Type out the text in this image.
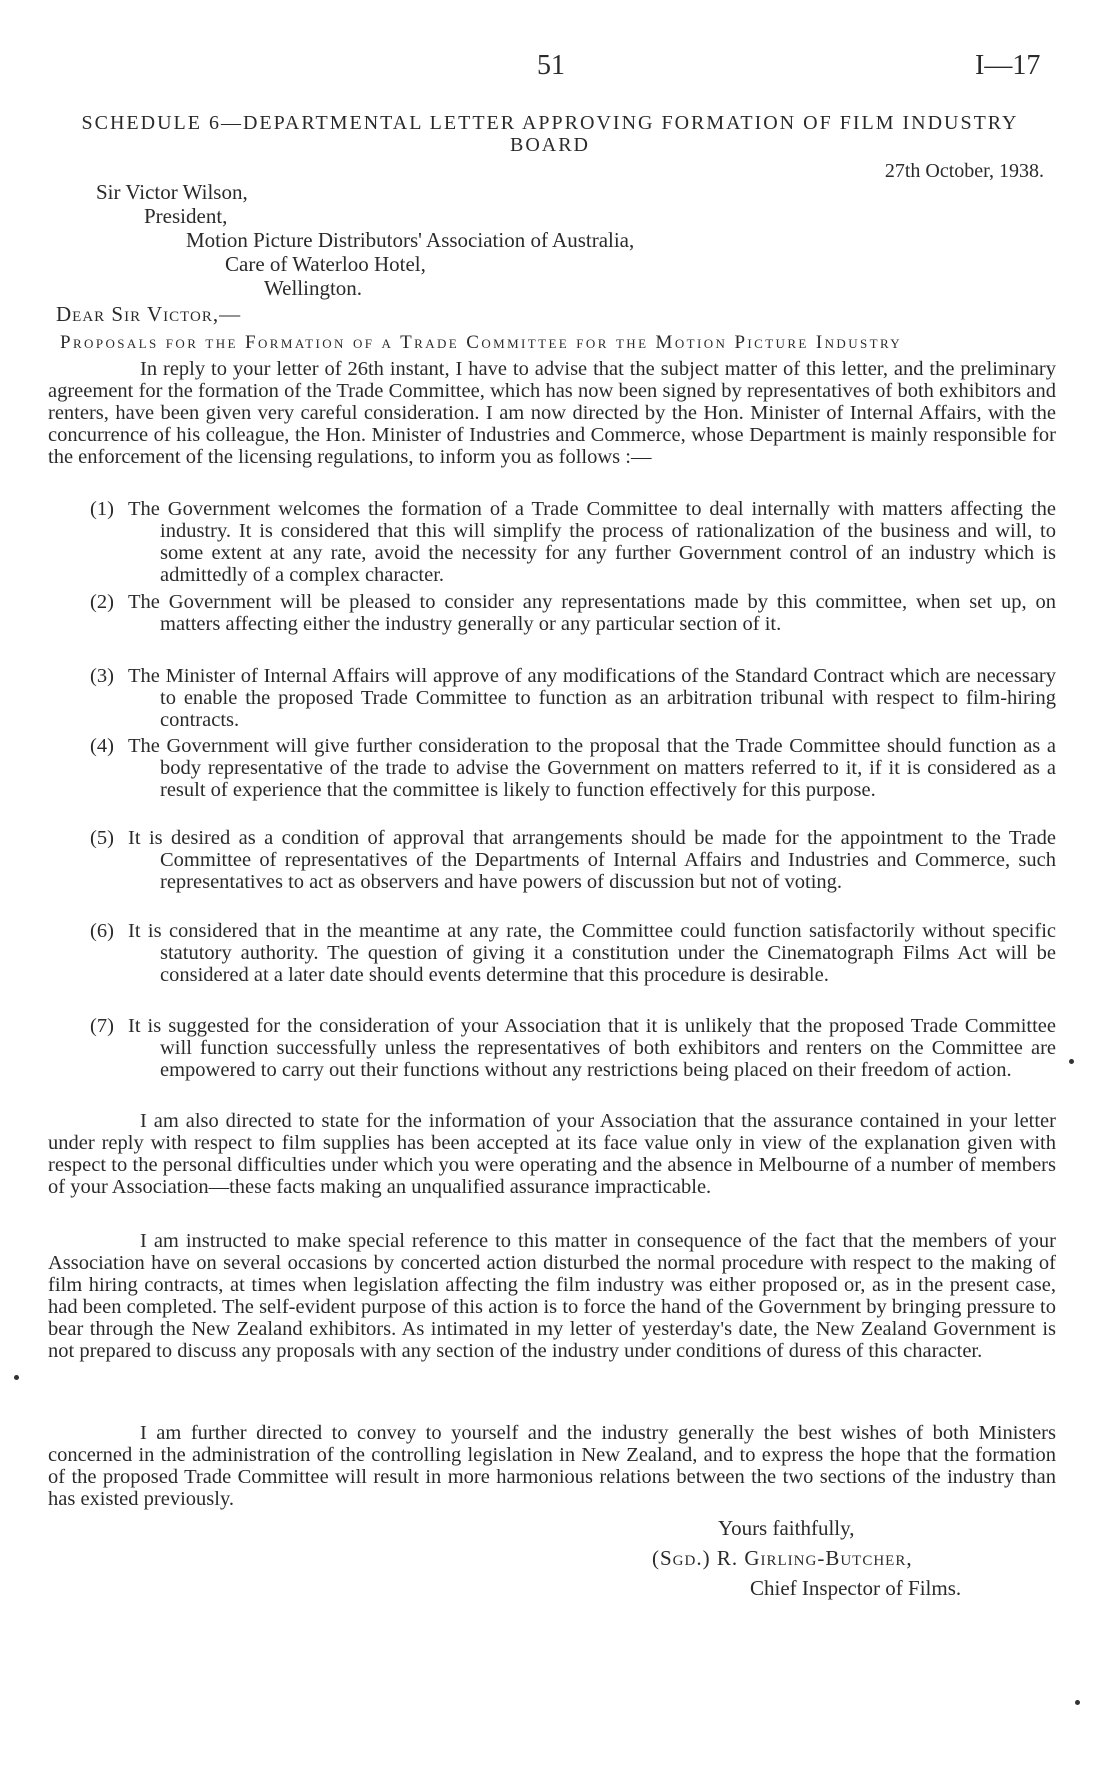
51	I—17
SCHEDULE 6—DEPARTMENTAL LETTER APPROVING FORMATION OF FILM INDUSTRY BOARD
27th October, 1938.
Sir Victor Wilson,
President,
Motion Picture Distributors' Association of Australia,
Care of Waterloo Hotel,
Wellington.
Dear Sir Victor,—
Proposals for the Formation of a Trade Committee for the Motion Picture Industry

In reply to your letter of 26th instant, I have to advise that the subject matter of this letter, and the preliminary agreement for the formation of the Trade Committee, which has now been signed by representatives of both exhibitors and renters, have been given very careful consideration. I am now directed by the Hon. Minister of Internal Affairs, with the concurrence of his colleague, the Hon. Minister of Industries and Commerce, whose Department is mainly responsible for the enforcement of the licensing regulations, to inform you as follows :—

(1) The Government welcomes the formation of a Trade Committee to deal internally with matters affecting the industry. It is considered that this will simplify the process of rationalization of the business and will, to some extent at any rate, avoid the necessity for any further Government control of an industry which is admittedly of a complex character.
(2) The Government will be pleased to consider any representations made by this committee, when set up, on matters affecting either the industry generally or any particular section of it.
(3) The Minister of Internal Affairs will approve of any modifications of the Standard Contract which are necessary to enable the proposed Trade Committee to function as an arbitration tribunal with respect to film-hiring contracts.
(4) The Government will give further consideration to the proposal that the Trade Committee should function as a body representative of the trade to advise the Government on matters referred to it, if it is considered as a result of experience that the committee is likely to function effectively for this purpose.
(5) It is desired as a condition of approval that arrangements should be made for the appointment to the Trade Committee of representatives of the Departments of Internal Affairs and Industries and Commerce, such representatives to act as observers and have powers of discussion but not of voting.
(6) It is considered that in the meantime at any rate, the Committee could function satisfactorily without specific statutory authority. The question of giving it a constitution under the Cinematograph Films Act will be considered at a later date should events determine that this procedure is desirable.
(7) It is suggested for the consideration of your Association that it is unlikely that the proposed Trade Committee will function successfully unless the representatives of both exhibitors and renters on the Committee are empowered to carry out their functions without any restrictions being placed on their freedom of action.

I am also directed to state for the information of your Association that the assurance contained in your letter under reply with respect to film supplies has been accepted at its face value only in view of the explanation given with respect to the personal difficulties under which you were operating and the absence in Melbourne of a number of members of your Association—these facts making an unqualified assurance impracticable.

I am instructed to make special reference to this matter in consequence of the fact that the members of your Association have on several occasions by concerted action disturbed the normal procedure with respect to the making of film hiring contracts, at times when legislation affecting the film industry was either proposed or, as in the present case, had been completed. The self-evident purpose of this action is to force the hand of the Government by bringing pressure to bear through the New Zealand exhibitors. As intimated in my letter of yesterday's date, the New Zealand Government is not prepared to discuss any proposals with any section of the industry under conditions of duress of this character.

I am further directed to convey to yourself and the industry generally the best wishes of both Ministers concerned in the administration of the controlling legislation in New Zealand, and to express the hope that the formation of the proposed Trade Committee will result in more harmonious relations between the two sections of the industry than has existed previously.

Yours faithfully,
(Sgd.) R. Girling-Butcher,
Chief Inspector of Films.
